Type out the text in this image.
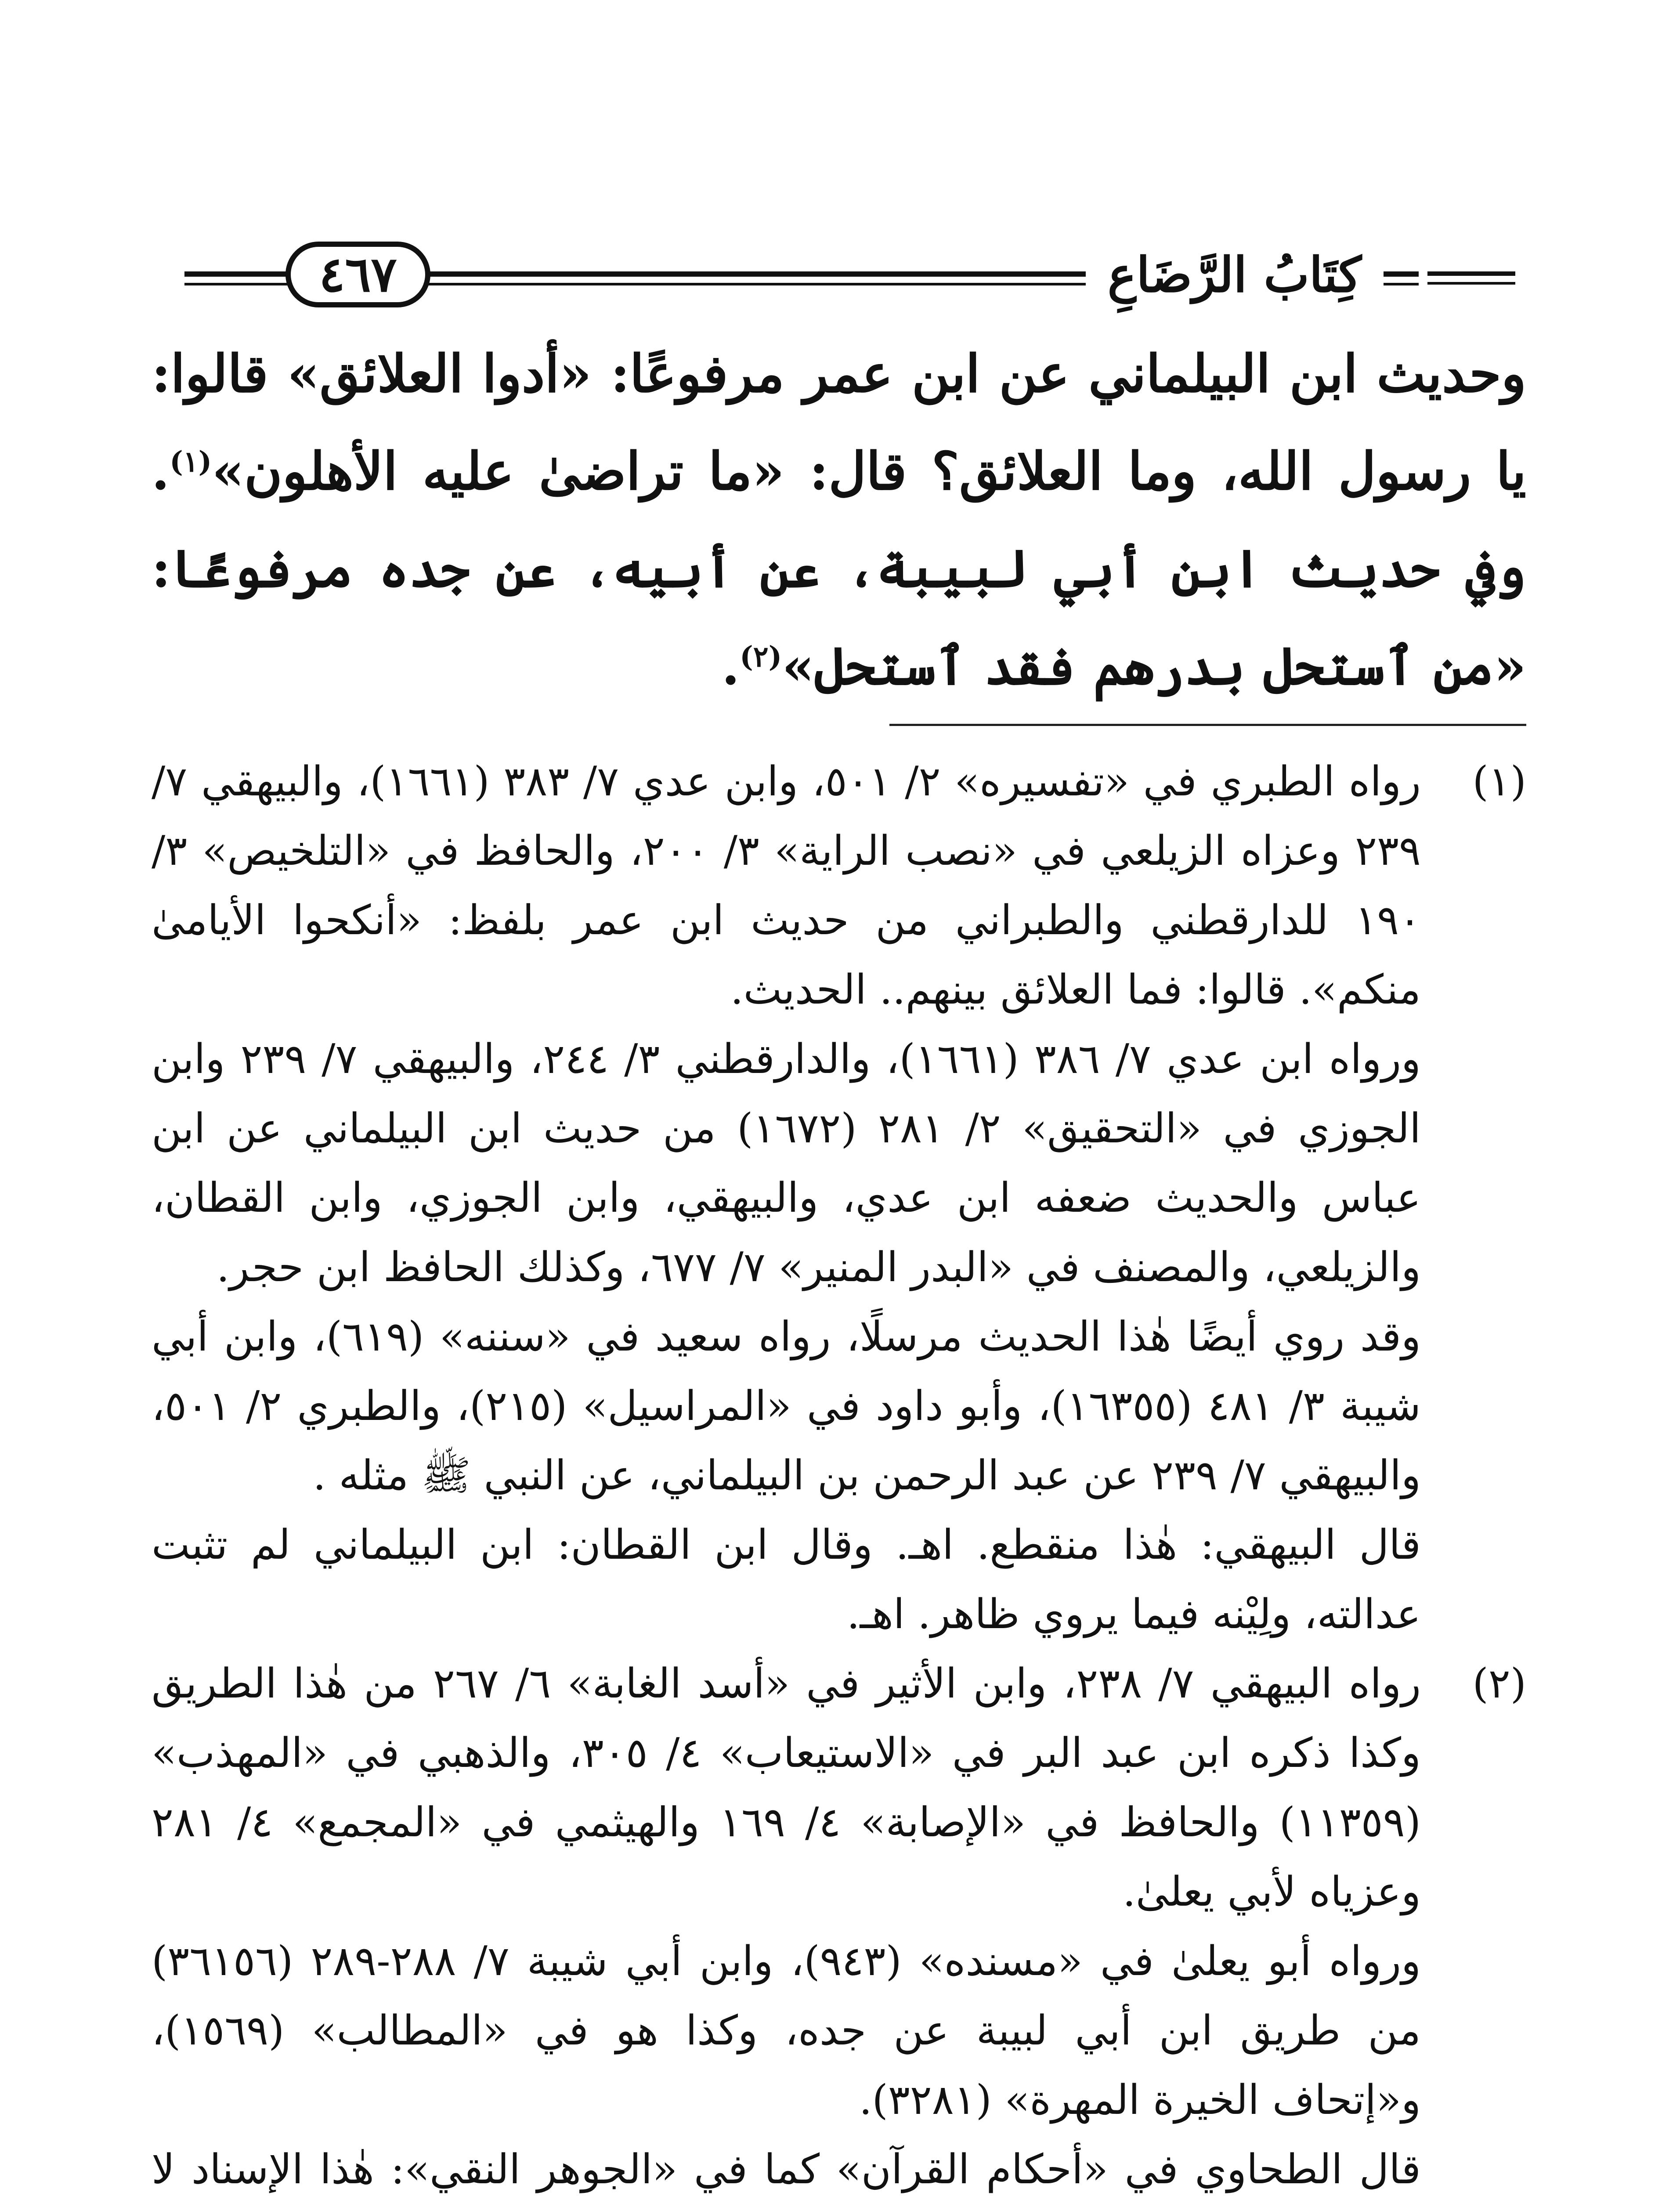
كِتَابُ الرَّضَاعِ
٤٦٧
وحديث ابن البيلماني عن ابن عمر مرفوعًا: «أدوا العلائق» قالوا: يا رسول الله، وما العلائق؟ قال: «ما تراضىٰ عليه الأهلون»$^{(١)}$. وفي حديث ابن أبي لبيبة، عن أبيه، عن جده مرفوعًا: «من ٱستحل بدرهم فقد ٱستحل»$^{(٢)}$.
(١)

رواه الطبري في «تفسيره» ٢/ ٥٠١، وابن عدي ٧/ ٣٨٣ (١٦٦١)، والبيهقي ٧/ ٢٣٩ وعزاه الزيلعي في «نصب الراية» ٣/ ٢٠٠، والحافظ في «التلخيص» ٣/ ١٩٠ للدارقطني والطبراني من حديث ابن عمر بلفظ: «أنكحوا الأيامىٰ منكم». قالوا: فما العلائق بينهم.. الحديث.

ورواه ابن عدي ٧/ ٣٨٦ (١٦٦١)، والدارقطني ٣/ ٢٤٤، والبيهقي ٧/ ٢٣٩ وابن الجوزي في «التحقيق» ٢/ ٢٨١ (١٦٧٢) من حديث ابن البيلماني عن ابن عباس والحديث ضعفه ابن عدي، والبيهقي، وابن الجوزي، وابن القطان، والزيلعي، والمصنف في «البدر المنير» ٧/ ٦٧٧، وكذلك الحافظ ابن حجر.

وقد روي أيضًا هٰذا الحديث مرسلًا، رواه سعيد في «سننه» (٦١٩)، وابن أبي شيبة ٣/ ٤٨١ (١٦٣٥٥)، وأبو داود في «المراسيل» (٢١٥)، والطبري ٢/ ٥٠١، والبيهقي ٧/ ٢٣٩ عن عبد الرحمن بن البيلماني، عن النبي ﷺ مثله .

قال البيهقي: هٰذا منقطع. اهـ. وقال ابن القطان: ابن البيلماني لم تثبت عدالته، ولِيْنه فيما يروي ظاهر. اهـ.

(٢)

رواه البيهقي ٧/ ٢٣٨، وابن الأثير في «أسد الغابة» ٦/ ٢٦٧ من هٰذا الطريق وكذا ذكره ابن عبد البر في «الاستيعاب» ٤/ ٣٠٥، والذهبي في «المهذب» (١١٣٥٩) والحافظ في «الإصابة» ٤/ ١٦٩ والهيثمي في «المجمع» ٤/ ٢٨١ وعزياه لأبي يعلىٰ.

ورواه أبو يعلىٰ في «مسنده» (٩٤٣)، وابن أبي شيبة ٧/ ٢٨٨-٢٨٩ (٣٦١٥٦) من طريق ابن أبي لبيبة عن جده، وكذا هو في «المطالب» (١٥٦٩)، و«إتحاف الخيرة المهرة» (٣٢٨١).

قال الطحاوي في «أحكام القرآن» كما في «الجوهر النقي»: هٰذا الإسناد لا
